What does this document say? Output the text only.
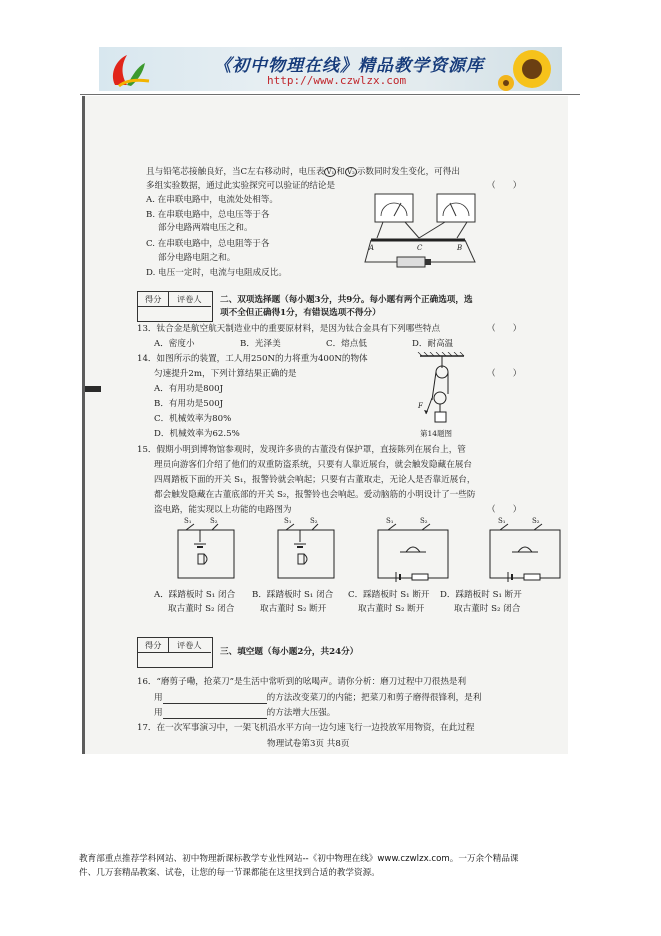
《初中物理在线》精品教学资源库
http://www.czwlzx.com
且与铅笔芯接触良好，当C左右移动时，电压表 V₁ 和 V₂ 示数同时发生变化，可得出
多组实验数据，通过此实验探究可以验证的结论是	（　　）
A. 在串联电路中，电流处处相等。
B. 在串联电路中，总电压等于各
部分电路两端电压之和。
C. 在串联电路中，总电阻等于各
部分电路电阻之和。
D. 电压一定时，电流与电阻成反比。
A	C	B
得分 评卷人 二、双项选择题（每小题3分，共9分。每小题有两个正确选项，选
项不全但正确得1分，有错误选项不得分）
13．钛合金是航空航天制造业中的重要原材料，是因为钛合金具有下列哪些特点	（　　）
A．密度小	B．光泽美	C．熔点低	D．耐高温
14．如图所示的装置，工人用250N的力将重为400N的物体
匀速提升2m，下列计算结果正确的是	（　　）
A．有用功是800J
B．有用功是500J
C．机械效率为80%
D．机械效率为62.5%
F
第14题图
15．假期小明到博物馆参观时，发现许多贵的古董没有保护罩，直接陈列在展台上，管
理员向游客们介绍了他们的双重防盗系统，只要有人靠近展台，就会触发隐藏在展台
四周踏板下面的开关 S₁，报警铃就会响起；只要有古董取走，无论人是否靠近展台，
都会触发隐藏在古董底部的开关 S₂，报警铃也会响起。爱动脑筋的小明设计了一些防
盗电路，能实现以上功能的电路图为	（　　）
S₁	S₂	S₁	S₂	S₁	S₂	S₁	S₂
A．踩踏板时 S₁ 闭合
取古董时 S₂ 闭合
B．踩踏板时 S₁ 闭合
取古董时 S₂ 断开
C．踩踏板时 S₁ 断开
取古董时 S₂ 断开
D．踩踏板时 S₁ 断开
取古董时 S₂ 闭合
得分 评卷人
三、填空题（每小题2分，共24分）
16．“磨剪子嘞，抢菜刀”是生活中常听到的吆喝声。请你分析：磨刀过程中刀很热是利
用	的方法改变菜刀的内能；把菜刀和剪子磨得很锋利，是利
用	的方法增大压强。
17．在一次军事演习中，一架飞机沿水平方向一边匀速飞行一边投放军用物资，在此过程
物理试卷第3页 共8页
教育部重点推荐学科网站、初中物理新课标教学专业性网站--《初中物理在线》www.czwlzx.com。一万余个精品课
件、几万套精品教案、试卷，让您的每一节课都能在这里找到合适的教学资源。
